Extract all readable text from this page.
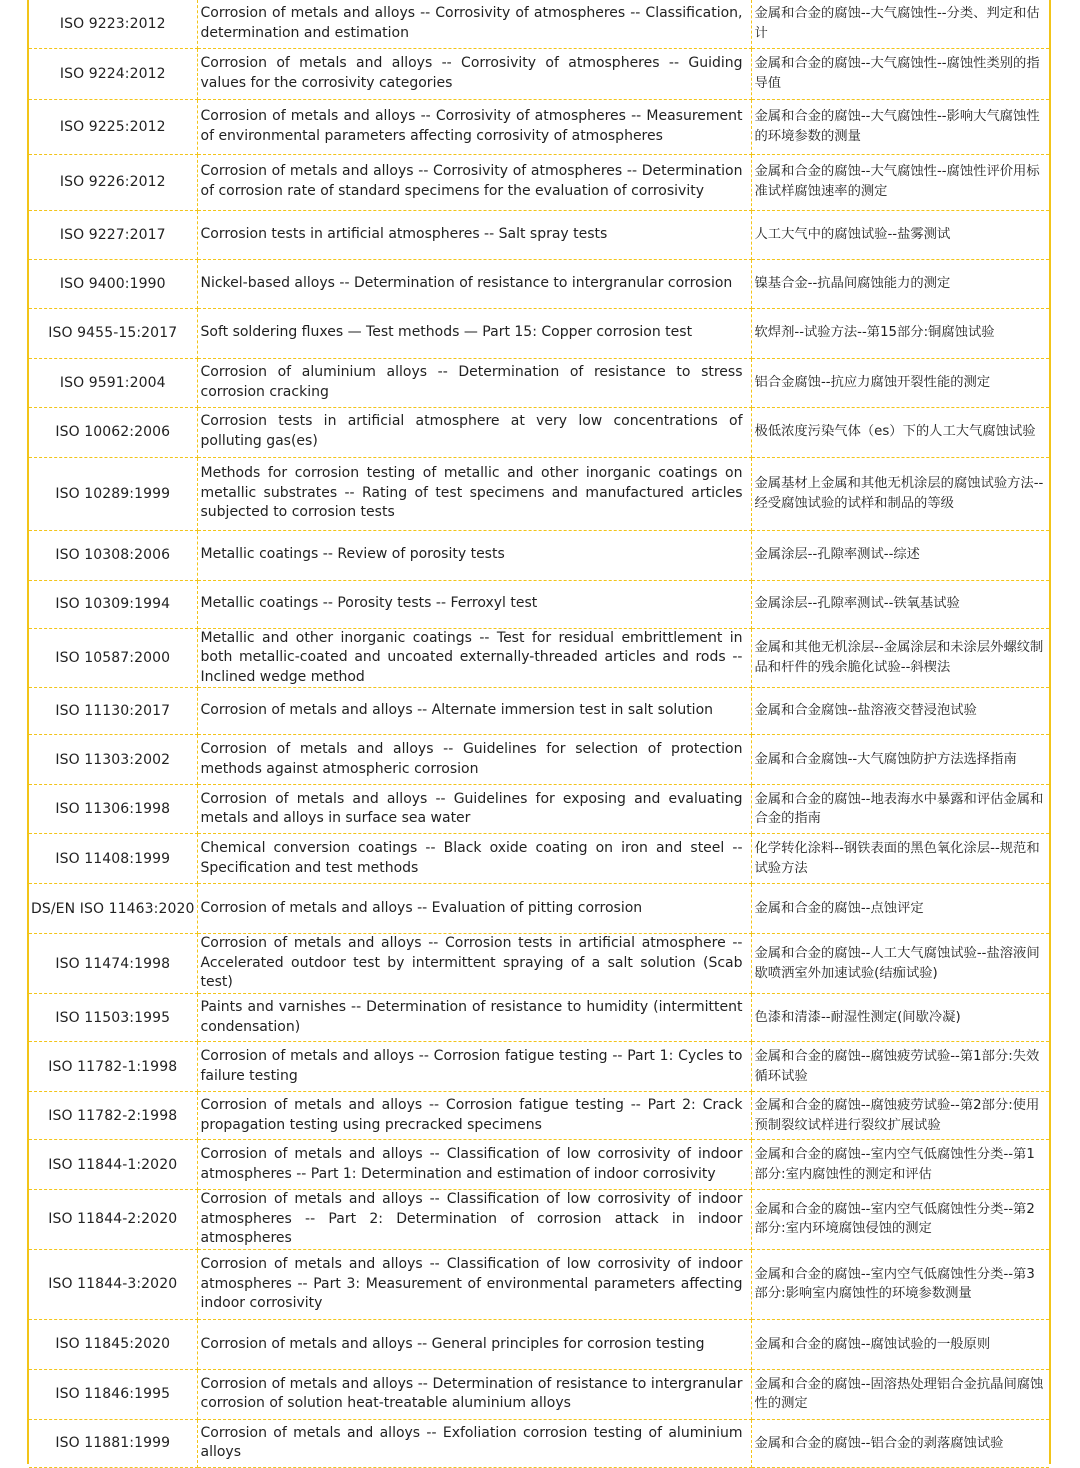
ISO 9223:2012	Corrosion of metals and alloys -- Corrosivity of atmospheres -- Classification, determination and estimation	金属和合金的腐蚀--大气腐蚀性--分类、判定和估计
ISO 9224:2012	Corrosion of metals and alloys -- Corrosivity of atmospheres -- Guiding values for the corrosivity categories	金属和合金的腐蚀--大气腐蚀性--腐蚀性类别的指导值
ISO 9225:2012	Corrosion of metals and alloys -- Corrosivity of atmospheres -- Measurement of environmental parameters affecting corrosivity of atmospheres	金属和合金的腐蚀--大气腐蚀性--影响大气腐蚀性的环境参数的测量
ISO 9226:2012	Corrosion of metals and alloys -- Corrosivity of atmospheres -- Determination of corrosion rate of standard specimens for the evaluation of corrosivity	金属和合金的腐蚀--大气腐蚀性--腐蚀性评价用标准试样腐蚀速率的测定
ISO 9227:2017	Corrosion tests in artificial atmospheres -- Salt spray tests	人工大气中的腐蚀试验--盐雾测试
ISO 9400:1990	Nickel-based alloys -- Determination of resistance to intergranular corrosion	镍基合金--抗晶间腐蚀能力的测定
ISO 9455-15:2017	Soft soldering fluxes — Test methods — Part 15: Copper corrosion test	软焊剂--试验方法--第15部分:铜腐蚀试验
ISO 9591:2004	Corrosion of aluminium alloys -- Determination of resistance to stress corrosion cracking	铝合金腐蚀--抗应力腐蚀开裂性能的测定
ISO 10062:2006	Corrosion tests in artificial atmosphere at very low concentrations of polluting gas(es)	极低浓度污染气体（es）下的人工大气腐蚀试验
ISO 10289:1999	Methods for corrosion testing of metallic and other inorganic coatings on metallic substrates -- Rating of test specimens and manufactured articles subjected to corrosion tests	金属基材上金属和其他无机涂层的腐蚀试验方法--经受腐蚀试验的试样和制品的等级
ISO 10308:2006	Metallic coatings -- Review of porosity tests	金属涂层--孔隙率测试--综述
ISO 10309:1994	Metallic coatings -- Porosity tests -- Ferroxyl test	金属涂层--孔隙率测试--铁氧基试验
ISO 10587:2000	Metallic and other inorganic coatings -- Test for residual embrittlement in both metallic-coated and uncoated externally-threaded articles and rods -- Inclined wedge method	金属和其他无机涂层--金属涂层和未涂层外螺纹制品和杆件的残余脆化试验--斜楔法
ISO 11130:2017	Corrosion of metals and alloys -- Alternate immersion test in salt solution	金属和合金腐蚀--盐溶液交替浸泡试验
ISO 11303:2002	Corrosion of metals and alloys -- Guidelines for selection of protection methods against atmospheric corrosion	金属和合金腐蚀--大气腐蚀防护方法选择指南
ISO 11306:1998	Corrosion of metals and alloys -- Guidelines for exposing and evaluating metals and alloys in surface sea water	金属和合金的腐蚀--地表海水中暴露和评估金属和合金的指南
ISO 11408:1999	Chemical conversion coatings -- Black oxide coating on iron and steel -- Specification and test methods	化学转化涂料--钢铁表面的黑色氧化涂层--规范和试验方法
DS/EN ISO 11463:2020	Corrosion of metals and alloys -- Evaluation of pitting corrosion	金属和合金的腐蚀--点蚀评定
ISO 11474:1998	Corrosion of metals and alloys -- Corrosion tests in artificial atmosphere -- Accelerated outdoor test by intermittent spraying of a salt solution (Scab test)	金属和合金的腐蚀--人工大气腐蚀试验--盐溶液间歇喷洒室外加速试验(结痂试验)
ISO 11503:1995	Paints and varnishes -- Determination of resistance to humidity (intermittent condensation)	色漆和清漆--耐湿性测定(间歇冷凝)
ISO 11782-1:1998	Corrosion of metals and alloys -- Corrosion fatigue testing -- Part 1: Cycles to failure testing	金属和合金的腐蚀--腐蚀疲劳试验--第1部分:失效循环试验
ISO 11782-2:1998	Corrosion of metals and alloys -- Corrosion fatigue testing -- Part 2: Crack propagation testing using precracked specimens	金属和合金的腐蚀--腐蚀疲劳试验--第2部分:使用预制裂纹试样进行裂纹扩展试验
ISO 11844-1:2020	Corrosion of metals and alloys -- Classification of low corrosivity of indoor atmospheres -- Part 1: Determination and estimation of indoor corrosivity	金属和合金的腐蚀--室内空气低腐蚀性分类--第1部分:室内腐蚀性的测定和评估
ISO 11844-2:2020	Corrosion of metals and alloys -- Classification of low corrosivity of indoor atmospheres -- Part 2: Determination of corrosion attack in indoor atmospheres	金属和合金的腐蚀--室内空气低腐蚀性分类--第2部分:室内环境腐蚀侵蚀的测定
ISO 11844-3:2020	Corrosion of metals and alloys -- Classification of low corrosivity of indoor atmospheres -- Part 3: Measurement of environmental parameters affecting indoor corrosivity	金属和合金的腐蚀--室内空气低腐蚀性分类--第3部分:影响室内腐蚀性的环境参数测量
ISO 11845:2020	Corrosion of metals and alloys -- General principles for corrosion testing	金属和合金的腐蚀--腐蚀试验的一般原则
ISO 11846:1995	Corrosion of metals and alloys -- Determination of resistance to intergranular corrosion of solution heat-treatable aluminium alloys	金属和合金的腐蚀--固溶热处理铝合金抗晶间腐蚀性的测定
ISO 11881:1999	Corrosion of metals and alloys -- Exfoliation corrosion testing of aluminium alloys	金属和合金的腐蚀--铝合金的剥落腐蚀试验
